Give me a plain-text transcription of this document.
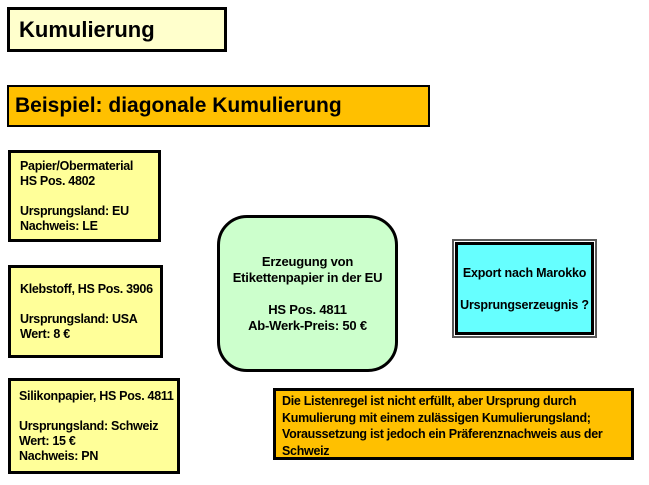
Kumulierung
Beispiel: diagonale Kumulierung
Papier/Obermaterial
HS Pos. 4802

Ursprungsland: EU
Nachweis: LE
Klebstoff, HS Pos. 3906

Ursprungsland: USA
Wert: 8 €
Silikonpapier, HS Pos. 4811

Ursprungsland: Schweiz
Wert: 15 €
Nachweis: PN
Erzeugung von
Etikettenpapier in der EU

HS Pos. 4811
Ab-Werk-Preis: 50 €
Export nach Marokko

Ursprungserzeugnis ?
Die Listenregel ist nicht erfüllt, aber Ursprung durch
Kumulierung mit einem zulässigen Kumulierungsland;
Voraussetzung ist jedoch ein Präferenznachweis aus der
Schweiz
